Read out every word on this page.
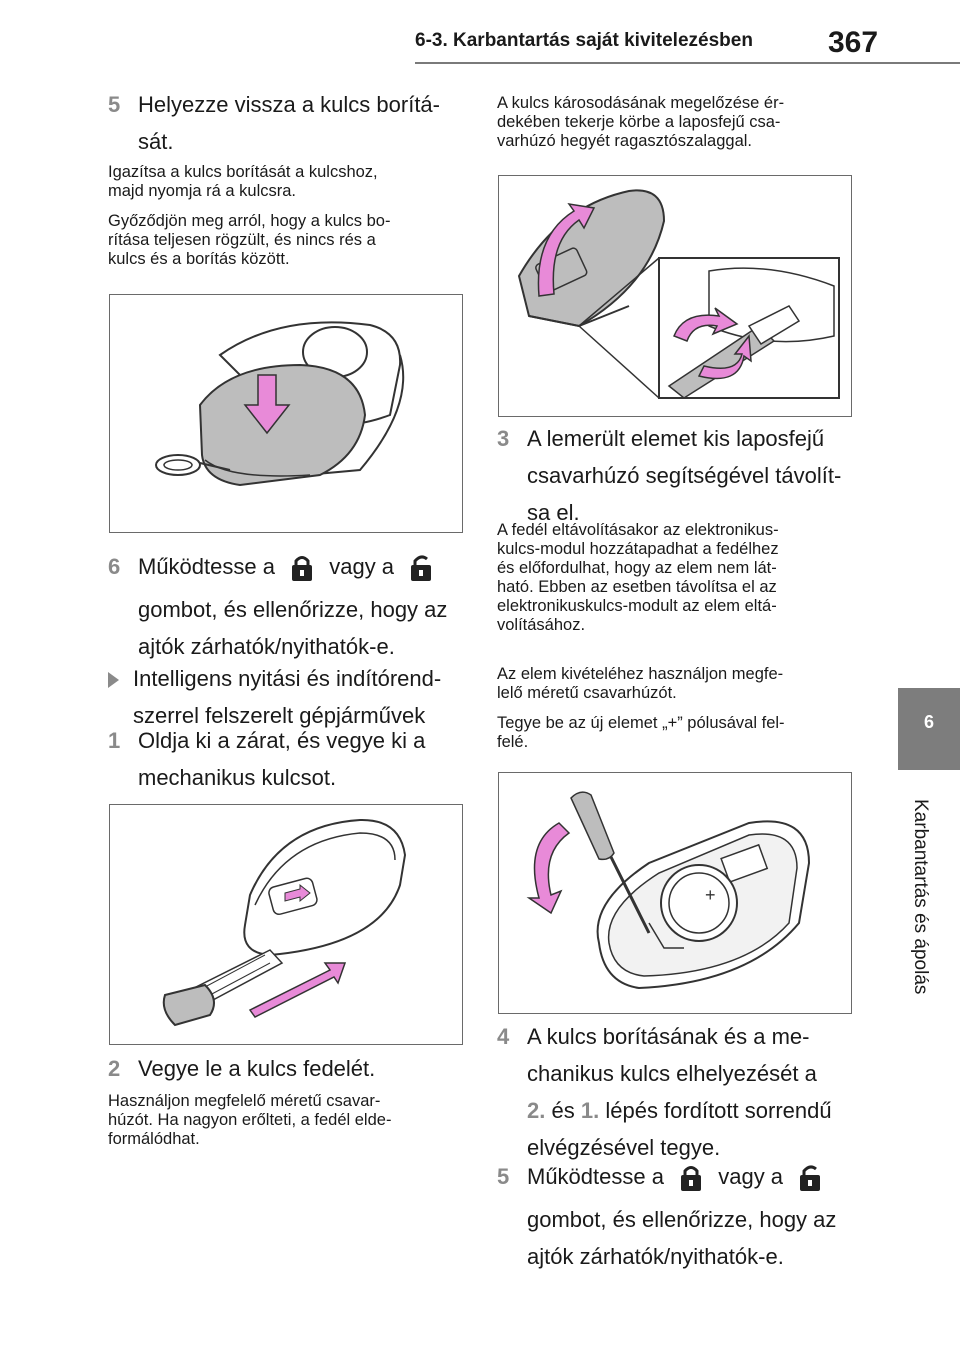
6-3. Karbantartás saját kivitelezésben	367
6
Karbantartás és ápolás
5 Helyezze vissza a kulcs borítá-
sát.
Igazítsa a kulcs borítását a kulcshoz,
majd nyomja rá a kulcsra.
Győződjön meg arról, hogy a kulcs bo-
rítása teljesen rögzült, és nincs rés a
kulcs és a borítás között.
6 Működtesse a vagy a
gombot, és ellenőrizze, hogy az
ajtók zárhatók/nyithatók-e.
Intelligens nyitási és indítórend-
szerrel felszerelt gépjárművek
1 Oldja ki a zárat, és vegye ki a
mechanikus kulcsot.
2 Vegye le a kulcs fedelét.
Használjon megfelelő méretű csavar-
húzót. Ha nagyon erőlteti, a fedél elde-
formálódhat.
A kulcs károsodásának megelőzése ér-
dekében tekerje körbe a laposfejű csa-
varhúzó hegyét ragasztószalaggal.
3 A lemerült elemet kis laposfejű
csavarhúzó segítségével távolít-
sa el.
A fedél eltávolításakor az elektronikus-
kulcs-modul hozzátapadhat a fedélhez
és előfordulhat, hogy az elem nem lát-
ható. Ebben az esetben távolítsa el az
elektronikuskulcs-modult az elem eltá-
volításához.
Az elem kivételéhez használjon megfe-
lelő méretű csavarhúzót.
Tegye be az új elemet „+” pólusával fel-
felé.
+
4 A kulcs borításának és a me-
chanikus kulcs elhelyezését a
2. és 1. lépés fordított sorrendű
elvégzésével tegye.
5 Működtesse a vagy a
gombot, és ellenőrizze, hogy az
ajtók zárhatók/nyithatók-e.
